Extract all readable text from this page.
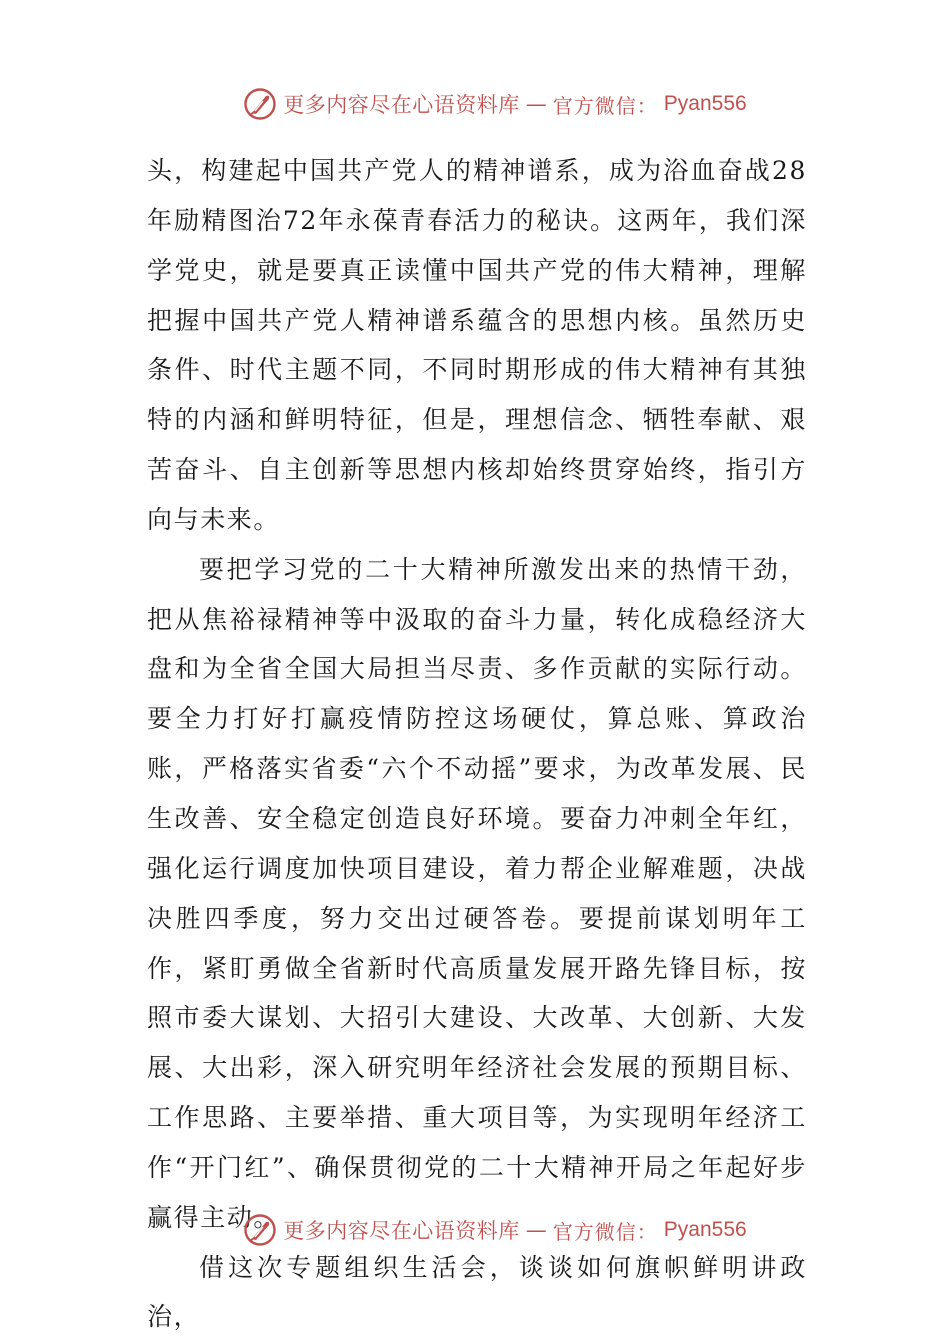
更多内容尽在心语资料库 — 官方微信： Pyan556

头，构建起中国共产党人的精神谱系，成为浴血奋战28年励精图治72年永葆青春活力的秘诀。这两年，我们深学党史，就是要真正读懂中国共产党的伟大精神，理解把握中国共产党人精神谱系蕴含的思想内核。虽然历史条件、时代主题不同，不同时期形成的伟大精神有其独特的内涵和鲜明特征，但是，理想信念、牺牲奉献、艰苦奋斗、自主创新等思想内核却始终贯穿始终，指引方向与未来。

要把学习党的二十大精神所激发出来的热情干劲，把从焦裕禄精神等中汲取的奋斗力量，转化成稳经济大盘和为全省全国大局担当尽责、多作贡献的实际行动。要全力打好打赢疫情防控这场硬仗，算总账、算政治账，严格落实省委“六个不动摇”要求，为改革发展、民生改善、安全稳定创造良好环境。要奋力冲刺全年红，强化运行调度加快项目建设，着力帮企业解难题，决战决胜四季度，努力交出过硬答卷。要提前谋划明年工作，紧盯勇做全省新时代高质量发展开路先锋目标，按照市委大谋划、大招引大建设、大改革、大创新、大发展、大出彩，深入研究明年经济社会发展的预期目标、工作思路、主要举措、重大项目等，为实现明年经济工作“开门红”、确保贯彻党的二十大精神开局之年起好步赢得主动。

借这次专题组织生活会，谈谈如何旗帜鲜明讲政治，

更多内容尽在心语资料库 — 官方微信： Pyan556
